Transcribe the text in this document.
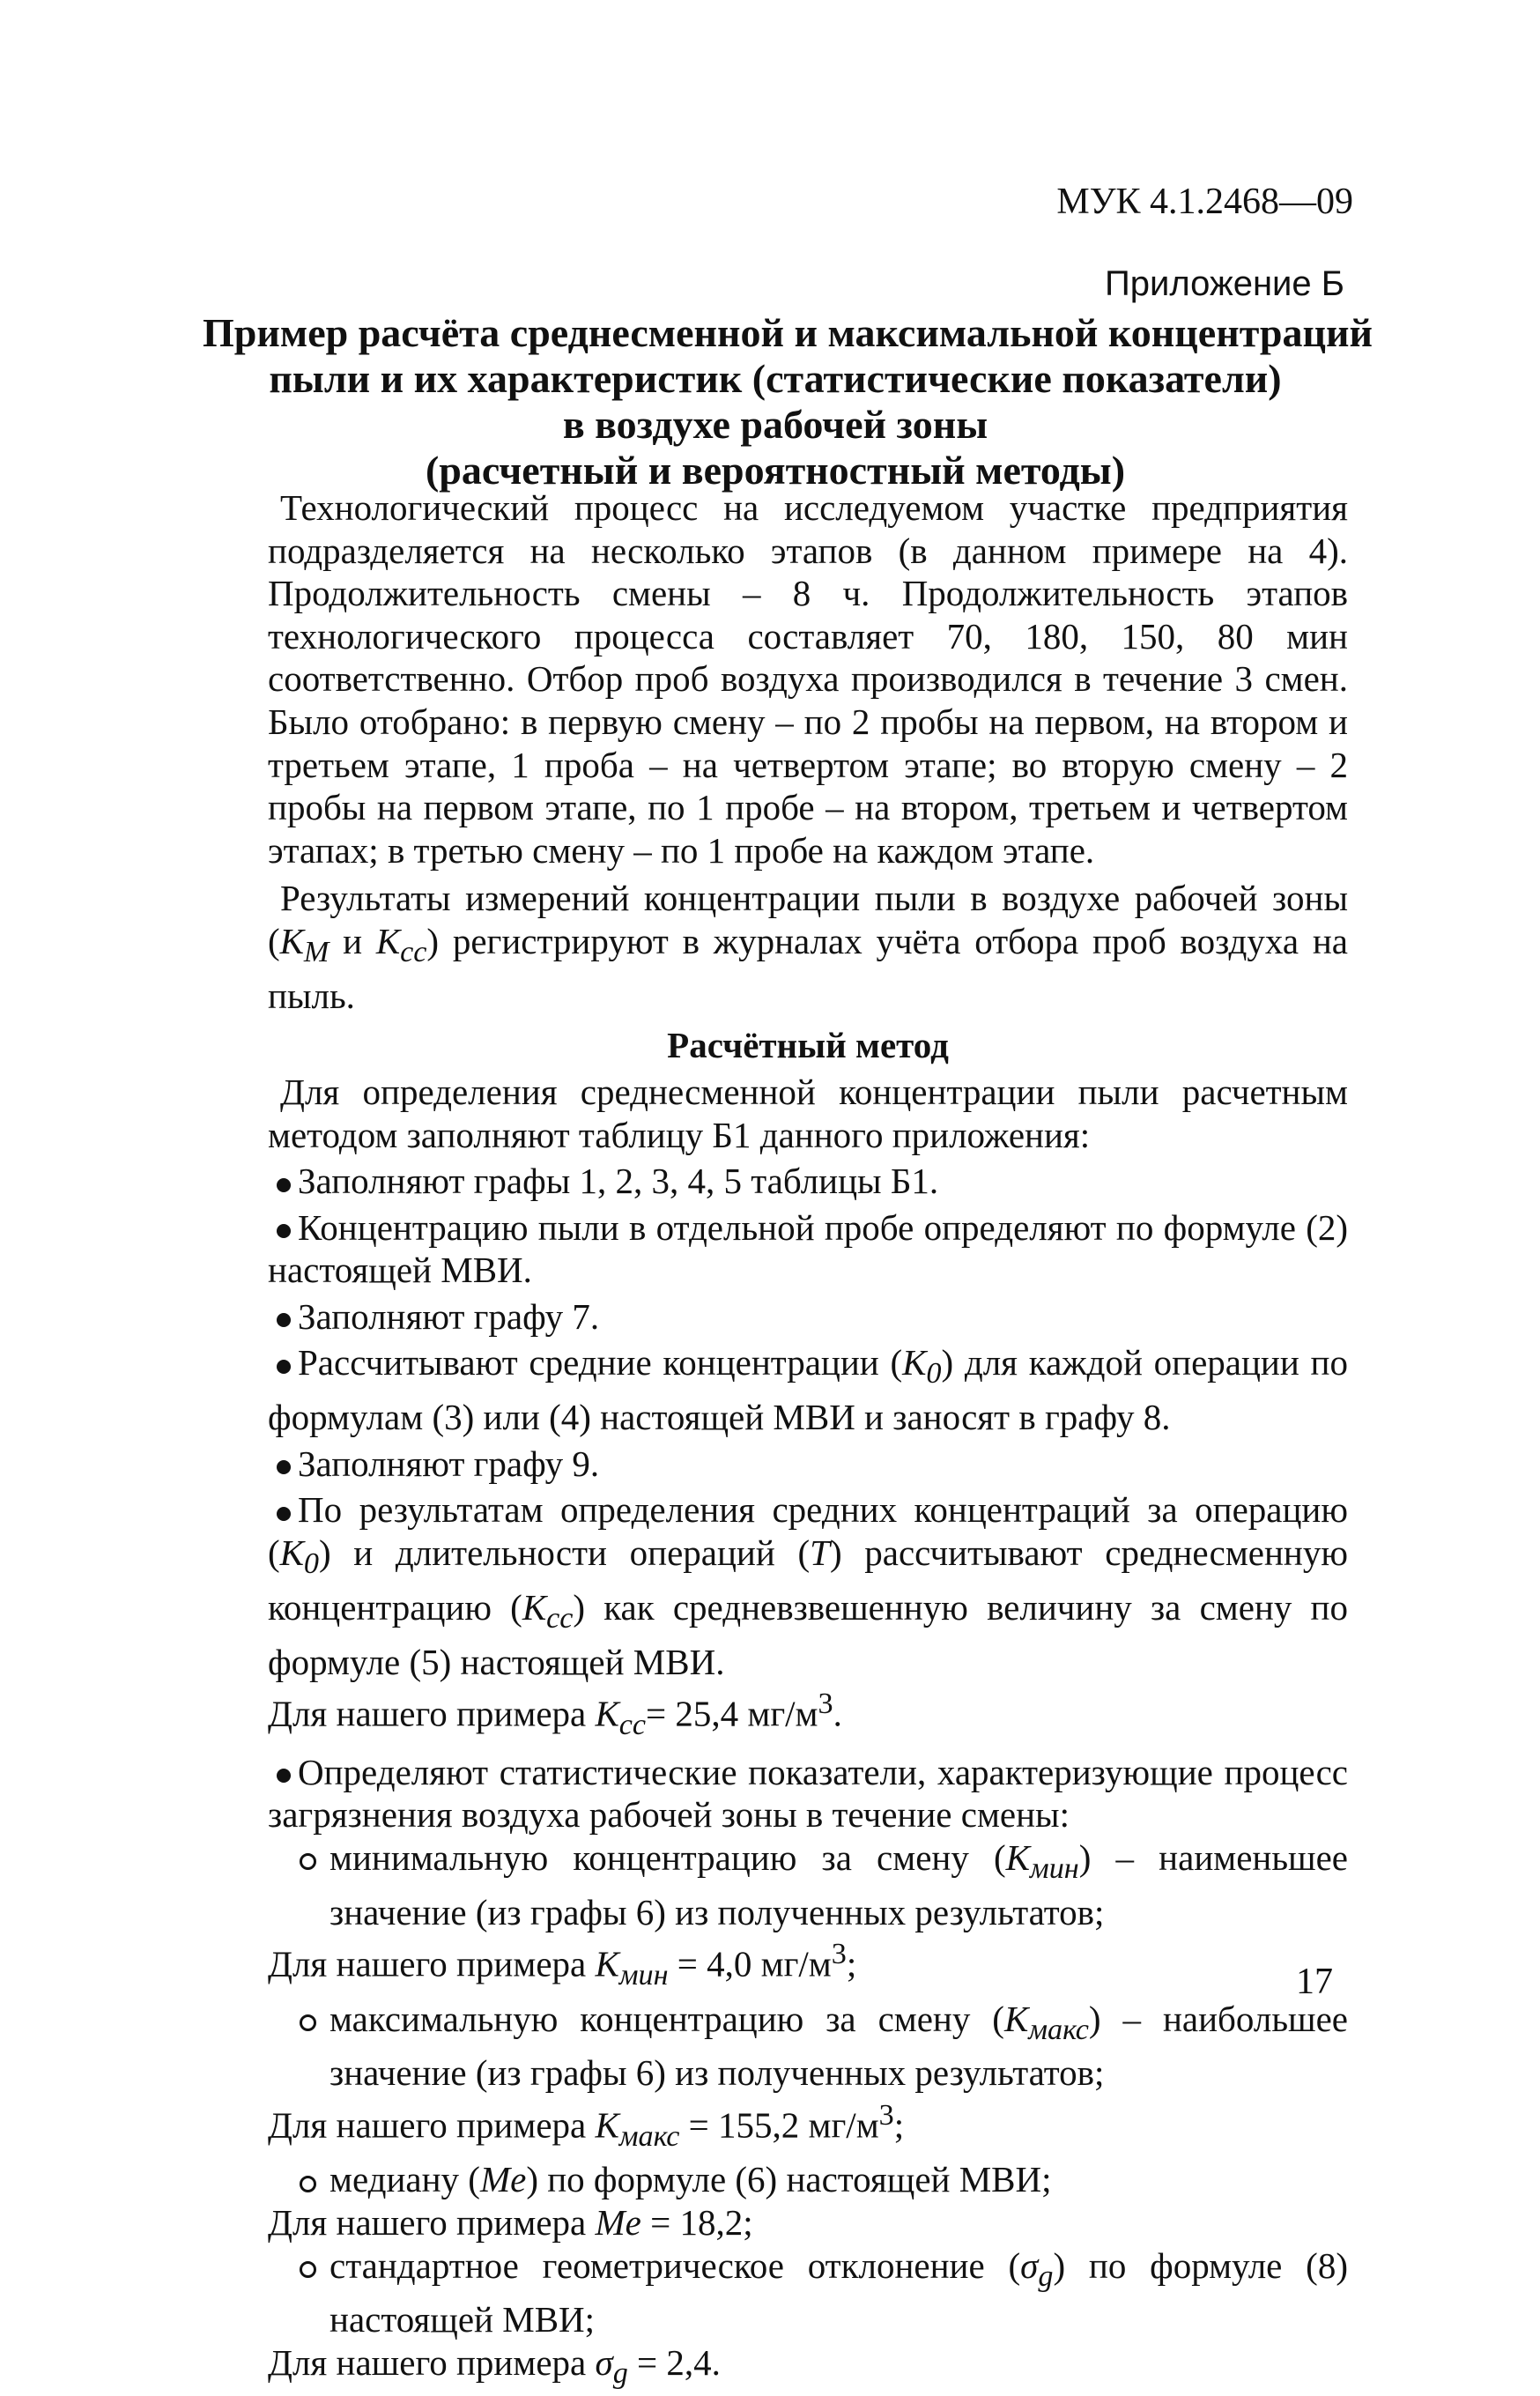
МУК 4.1.2468—09
Приложение Б
Пример расчёта среднесменной и максимальной концентраций
пыли и их характеристик (статистические показатели)
в воздухе рабочей зоны
(расчетный и вероятностный методы)

Технологический процесс на исследуемом участке предприятия подразделяется на несколько этапов (в данном примере на 4). Продолжительность смены – 8 ч. Продолжительность этапов технологического процесса составляет 70, 180, 150, 80 мин соответственно. Отбор проб воздуха производился в течение 3 смен. Было отобрано: в первую смену – по 2 пробы на первом, на втором и третьем этапе, 1 проба – на четвертом этапе; во вторую смену – 2 пробы на первом этапе, по 1 пробе – на втором, третьем и четвертом этапах; в третью смену – по 1 пробе на каждом этапе.

Результаты измерений концентрации пыли в воздухе рабочей зоны ($К_М$ и $К_{сс}$) регистрируют в журналах учёта отбора проб воздуха на пыль.

Расчётный метод

Для определения среднесменной концентрации пыли расчетным методом заполняют таблицу Б1 данного приложения:

Заполняют графы 1, 2, 3, 4, 5 таблицы Б1.

Концентрацию пыли в отдельной пробе определяют по формуле (2) настоящей МВИ.

Заполняют графу 7.

Рассчитывают средние концентрации $(К_0)$ для каждой операции по формулам (3) или (4) настоящей МВИ и заносят в графу 8.

Заполняют графу 9.

По результатам определения средних концентраций за операцию $(К_0)$ и длительности операций (Т) рассчитывают среднесменную концентрацию $(К_{сс})$ как средневзвешенную величину за смену по формуле (5) настоящей МВИ.

Для нашего примера $К_{сс}= 25,4$ $мг/м^3$.

Определяют статистические показатели, характеризующие процесс загрязнения воздуха рабочей зоны в течение смены:

минимальную концентрацию за смену $(К_{мин})$ – наименьшее значение (из графы 6) из полученных результатов;

Для нашего примера $К_{мин} = 4,0$ $мг/м^3$;

максимальную концентрацию за смену $(К_{макс})$ – наибольшее значение (из графы 6) из полученных результатов;

Для нашего примера $К_{макс} = 155,2$ $мг/м^3$;

медиану (Me) по формуле (6) настоящей МВИ;

Для нашего примера Me = 18,2;

стандартное геометрическое отклонение $(\sigma_g)$ по формуле (8) настоящей МВИ;

Для нашего примера $\sigma_g = 2,4$.

17
